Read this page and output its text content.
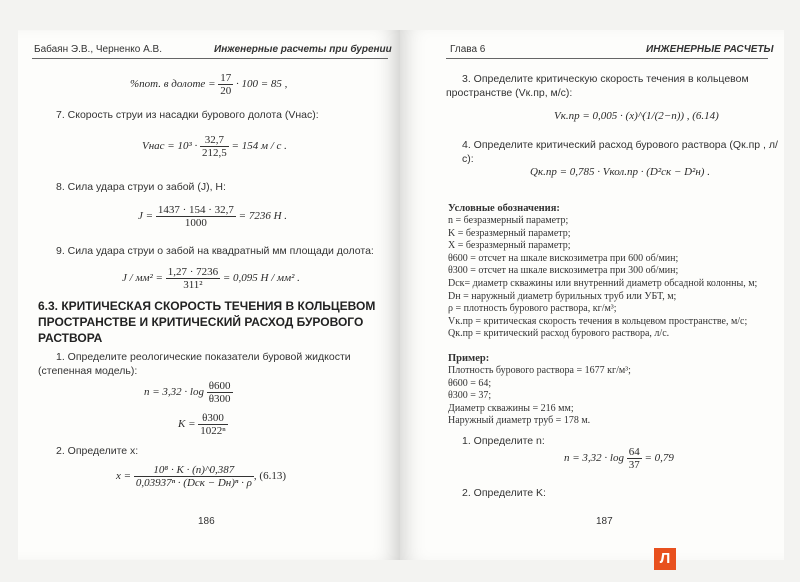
Бабаян Э.В., Черненко А.В.	Инженерные расчеты при бурении
%пот. в долоте = $\frac{17}{20} \cdot 100 = 85$ ,
7. Скорость струи из насадки бурового долота (Vнас):
Vнас = $10^3 \cdot \frac{32,7}{212,5} = 154$ м / с .
8. Сила удара струи о забой (J), Н:
$J = \frac{1437 \cdot 154 \cdot 32,7}{1000} = 7236$ H .
9. Сила удара струи о забой на квадратный мм площади долота:
$J / мм^2 = \frac{1,27 \cdot 7236}{\text{311²}} = 0,095$ H / мм² .
6.3. КРИТИЧЕСКАЯ СКОРОСТЬ ТЕЧЕНИЯ В КОЛЬЦЕВОМ ПРОСТРАНСТВЕ И КРИТИЧЕСКИЙ РАСХОД БУРОВОГО РАСТВОРА
1. Определите реологические показатели буровой жидкости (степенная модель):
$n = 3,32 \cdot \log \frac{\theta 600}{\theta 300}$
$K = \frac{\theta 300}{\text{1022ⁿ}}$
2. Определите x:
$x = \frac{\text{10⁸ · K · (n)\textasciicircum{}0,387}}{\text{0,03937ⁿ · (Dск − Dн)ⁿ · ρ}}$ , (6.13)
186
Глава 6	ИНЖЕНЕРНЫЕ РАСЧЕТЫ
3. Определите критическую скорость течения в кольцевом пространстве (Vк.пр, м/с):
Vк.пр = 0,005 · (x)^(1/(2−n)) , (6.14)
4. Определите критический расход бурового раствора (Qк.пр , л/с):
Qк.пр = 0,785 · Vкол.пр · (D²ск − D²н) .
Условные обозначения:
n = безразмерный параметр;
K = безразмерный параметр;
X = безразмерный параметр;
θ600 = отсчет на шкале вискозиметра при 600 об/мин;
θ300 = отсчет на шкале вискозиметра при 300 об/мин;
Dск= диаметр скважины или внутренний диаметр обсадной колонны, м;
Dн = наружный диаметр бурильных труб или УБТ, м;
ρ = плотность бурового раствора, кг/м³;
Vк.пр = критическая скорость течения в кольцевом пространстве, м/с;
Qк.пр = критический расход бурового раствора, л/с.
Пример:
Плотность бурового раствора = 1677 кг/м³;
θ600 = 64;
θ300 = 37;
Диаметр скважины = 216 мм;
Наружный диаметр труб = 178 м.
1. Определите n:
$n = 3,32 \cdot \log \frac{64}{37} = 0,79$
2. Определите K:
187
Л
